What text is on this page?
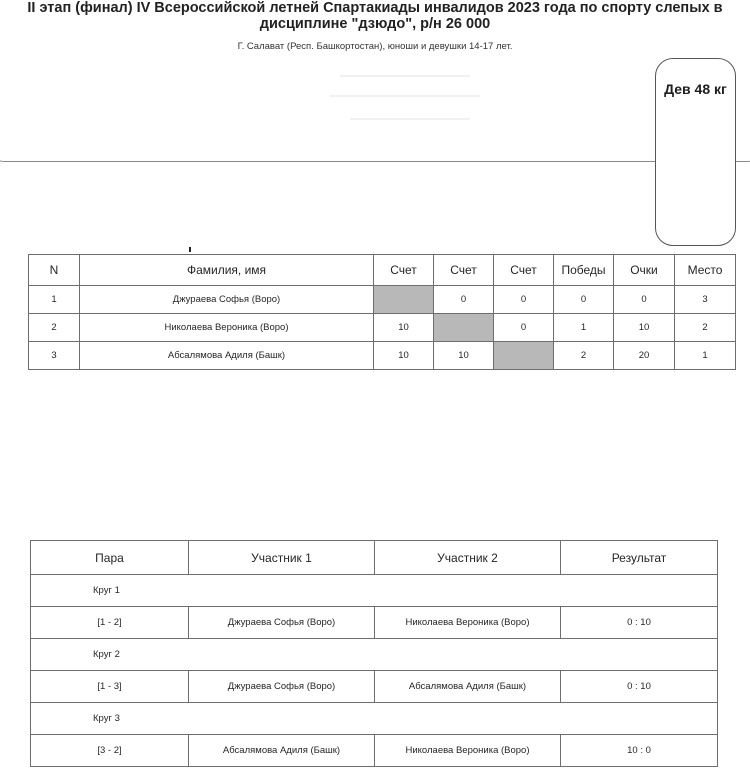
II этап (финал) IV Всероссийской летней Спартакиады инвалидов 2023 года по спорту слепых в
дисциплине "дзюдо", р/н 26 000
Г. Салават (Респ. Башкортостан), юноши и девушки 14-17 лет.
Дев 48 кг
N	Фамилия, имя	Счет	Счет	Счет	Победы	Очки	Место
1	Джураева Софья (Воро)		0	0	0	0	3
2	Николаева Вероника (Воро)	10		0	1	10	2
3	Абсалямова Адиля (Башк)	10	10		2	20	1
Пара	Участник 1	Участник 2	Результат
Круг 1			
[1 - 2]	Джураева Софья (Воро)	Николаева Вероника (Воро)	0 : 10
Круг 2			
[1 - 3]	Джураева Софья (Воро)	Абсалямова Адиля (Башк)	0 : 10
Круг 3			
[3 - 2]	Абсалямова Адиля (Башк)	Николаева Вероника (Воро)	10 : 0
